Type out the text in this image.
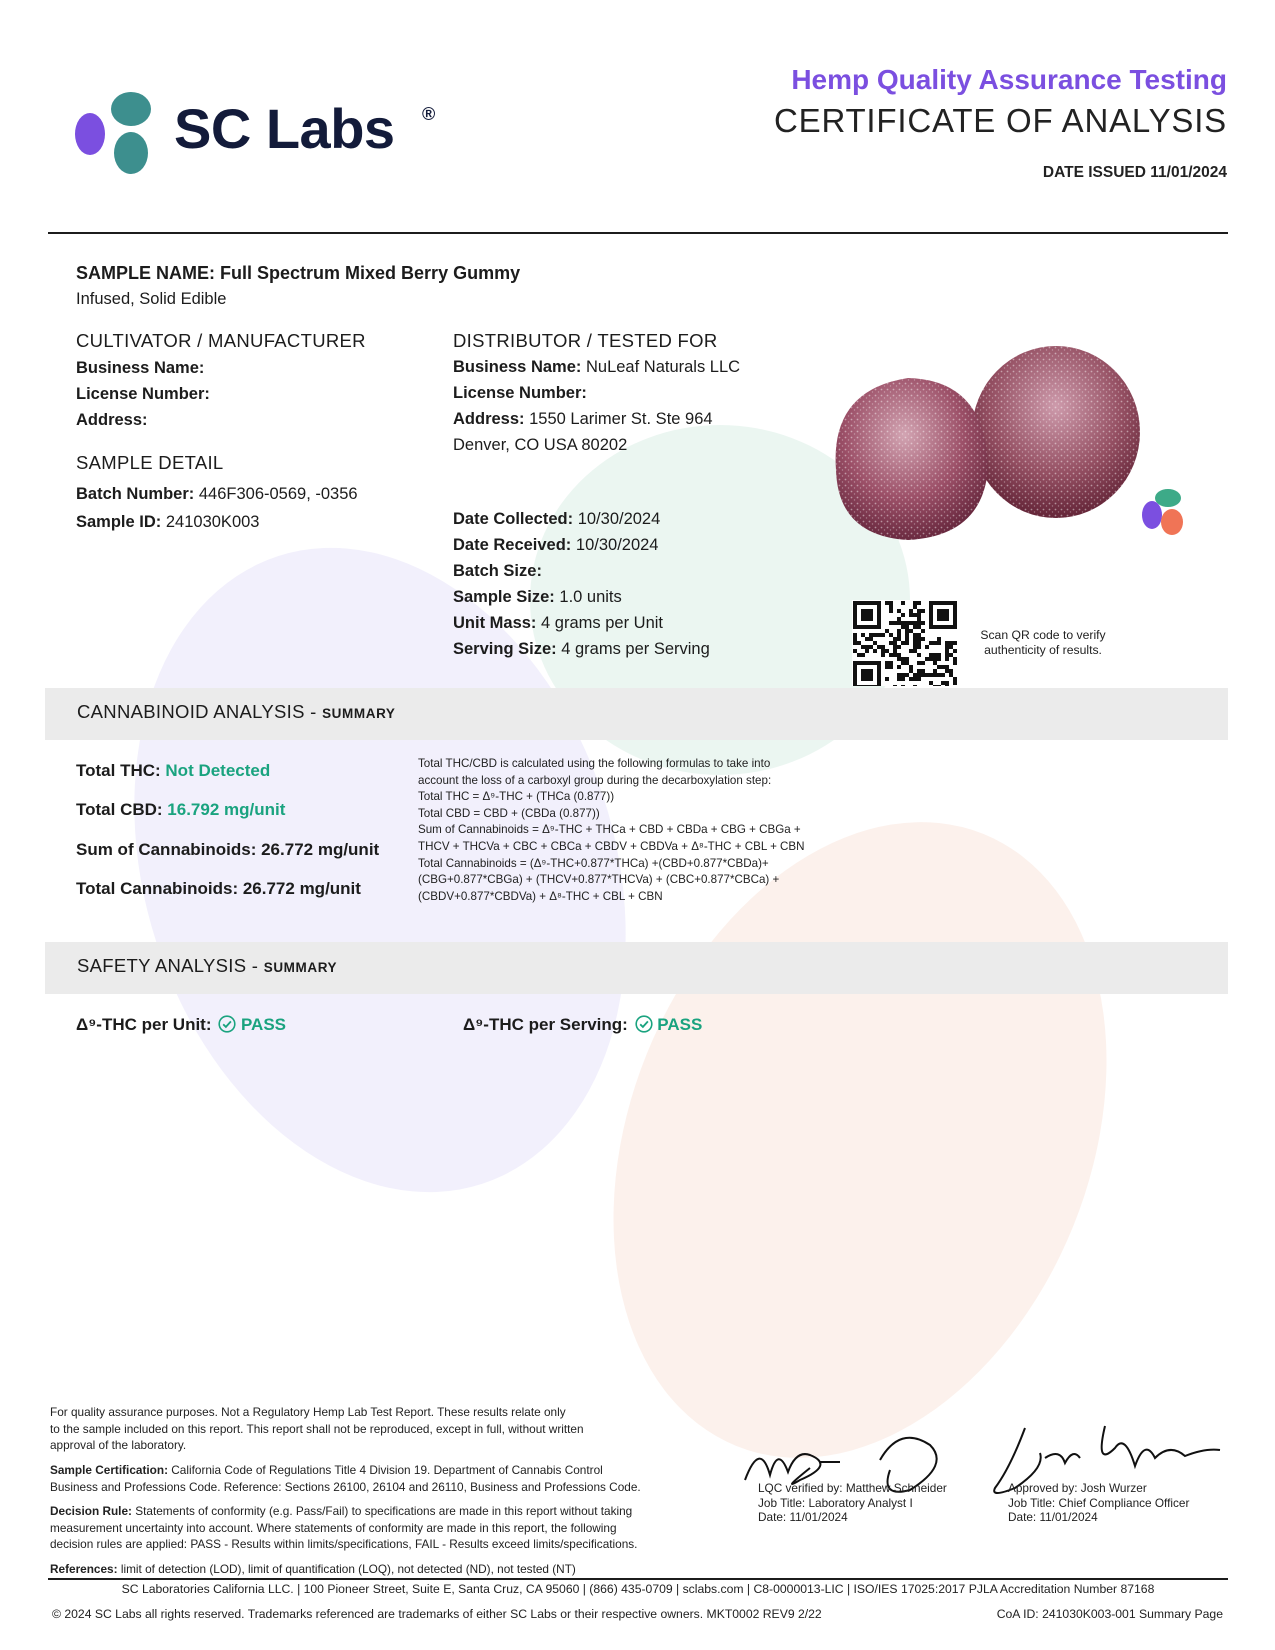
SC Labs ®
Hemp Quality Assurance Testing
CERTIFICATE OF ANALYSIS
DATE ISSUED 11/01/2024
SAMPLE NAME: Full Spectrum Mixed Berry Gummy
Infused, Solid Edible
CULTIVATOR / MANUFACTURER
Business Name:
License Number:
Address:
SAMPLE DETAIL
Batch Number: 446F306-0569, -0356
Sample ID: 241030K003
DISTRIBUTOR / TESTED FOR
Business Name: NuLeaf Naturals LLC
License Number:
Address: 1550 Larimer St. Ste 964
Denver, CO USA 80202
Date Collected: 10/30/2024
Date Received: 10/30/2024
Batch Size:
Sample Size: 1.0 units
Unit Mass: 4 grams per Unit
Serving Size: 4 grams per Serving
Scan QR code to verify
authenticity of results.
CANNABINOID ANALYSIS - SUMMARY
Total THC: Not Detected
Total CBD: 16.792 mg/unit
Sum of Cannabinoids: 26.772 mg/unit
Total Cannabinoids: 26.772 mg/unit
Total THC/CBD is calculated using the following formulas to take into
account the loss of a carboxyl group during the decarboxylation step:
Total THC = Δ⁹-THC + (THCa (0.877))
Total CBD = CBD + (CBDa (0.877))
Sum of Cannabinoids = Δ⁹-THC + THCa + CBD + CBDa + CBG + CBGa +
THCV + THCVa + CBC + CBCa + CBDV + CBDVa + Δ⁸-THC + CBL + CBN
Total Cannabinoids = (Δ⁹-THC+0.877*THCa) +(CBD+0.877*CBDa)+
(CBG+0.877*CBGa) + (THCV+0.877*THCVa) + (CBC+0.877*CBCa) +
(CBDV+0.877*CBDVa) + Δ⁸-THC + CBL + CBN
SAFETY ANALYSIS - SUMMARY
Δ⁹-THC per Unit: PASS	Δ⁹-THC per Serving: PASS
For quality assurance purposes. Not a Regulatory Hemp Lab Test Report. These results relate only
to the sample included on this report. This report shall not be reproduced, except in full, without written
approval of the laboratory.
Sample Certification: California Code of Regulations Title 4 Division 19. Department of Cannabis Control
Business and Professions Code. Reference: Sections 26100, 26104 and 26110, Business and Professions Code.
Decision Rule: Statements of conformity (e.g. Pass/Fail) to specifications are made in this report without taking
measurement uncertainty into account. Where statements of conformity are made in this report, the following
decision rules are applied: PASS - Results within limits/specifications, FAIL - Results exceed limits/specifications.
References: limit of detection (LOD), limit of quantification (LOQ), not detected (ND), not tested (NT)
LQC verified by: Matthew Schneider
Job Title: Laboratory Analyst I
Date: 11/01/2024
Approved by: Josh Wurzer
Job Title: Chief Compliance Officer
Date: 11/01/2024
SC Laboratories California LLC. | 100 Pioneer Street, Suite E, Santa Cruz, CA 95060 | (866) 435-0709 | sclabs.com | C8-0000013-LIC | ISO/IES 17025:2017 PJLA Accreditation Number 87168
© 2024 SC Labs all rights reserved. Trademarks referenced are trademarks of either SC Labs or their respective owners. MKT0002 REV9 2/22	CoA ID: 241030K003-001 Summary Page
